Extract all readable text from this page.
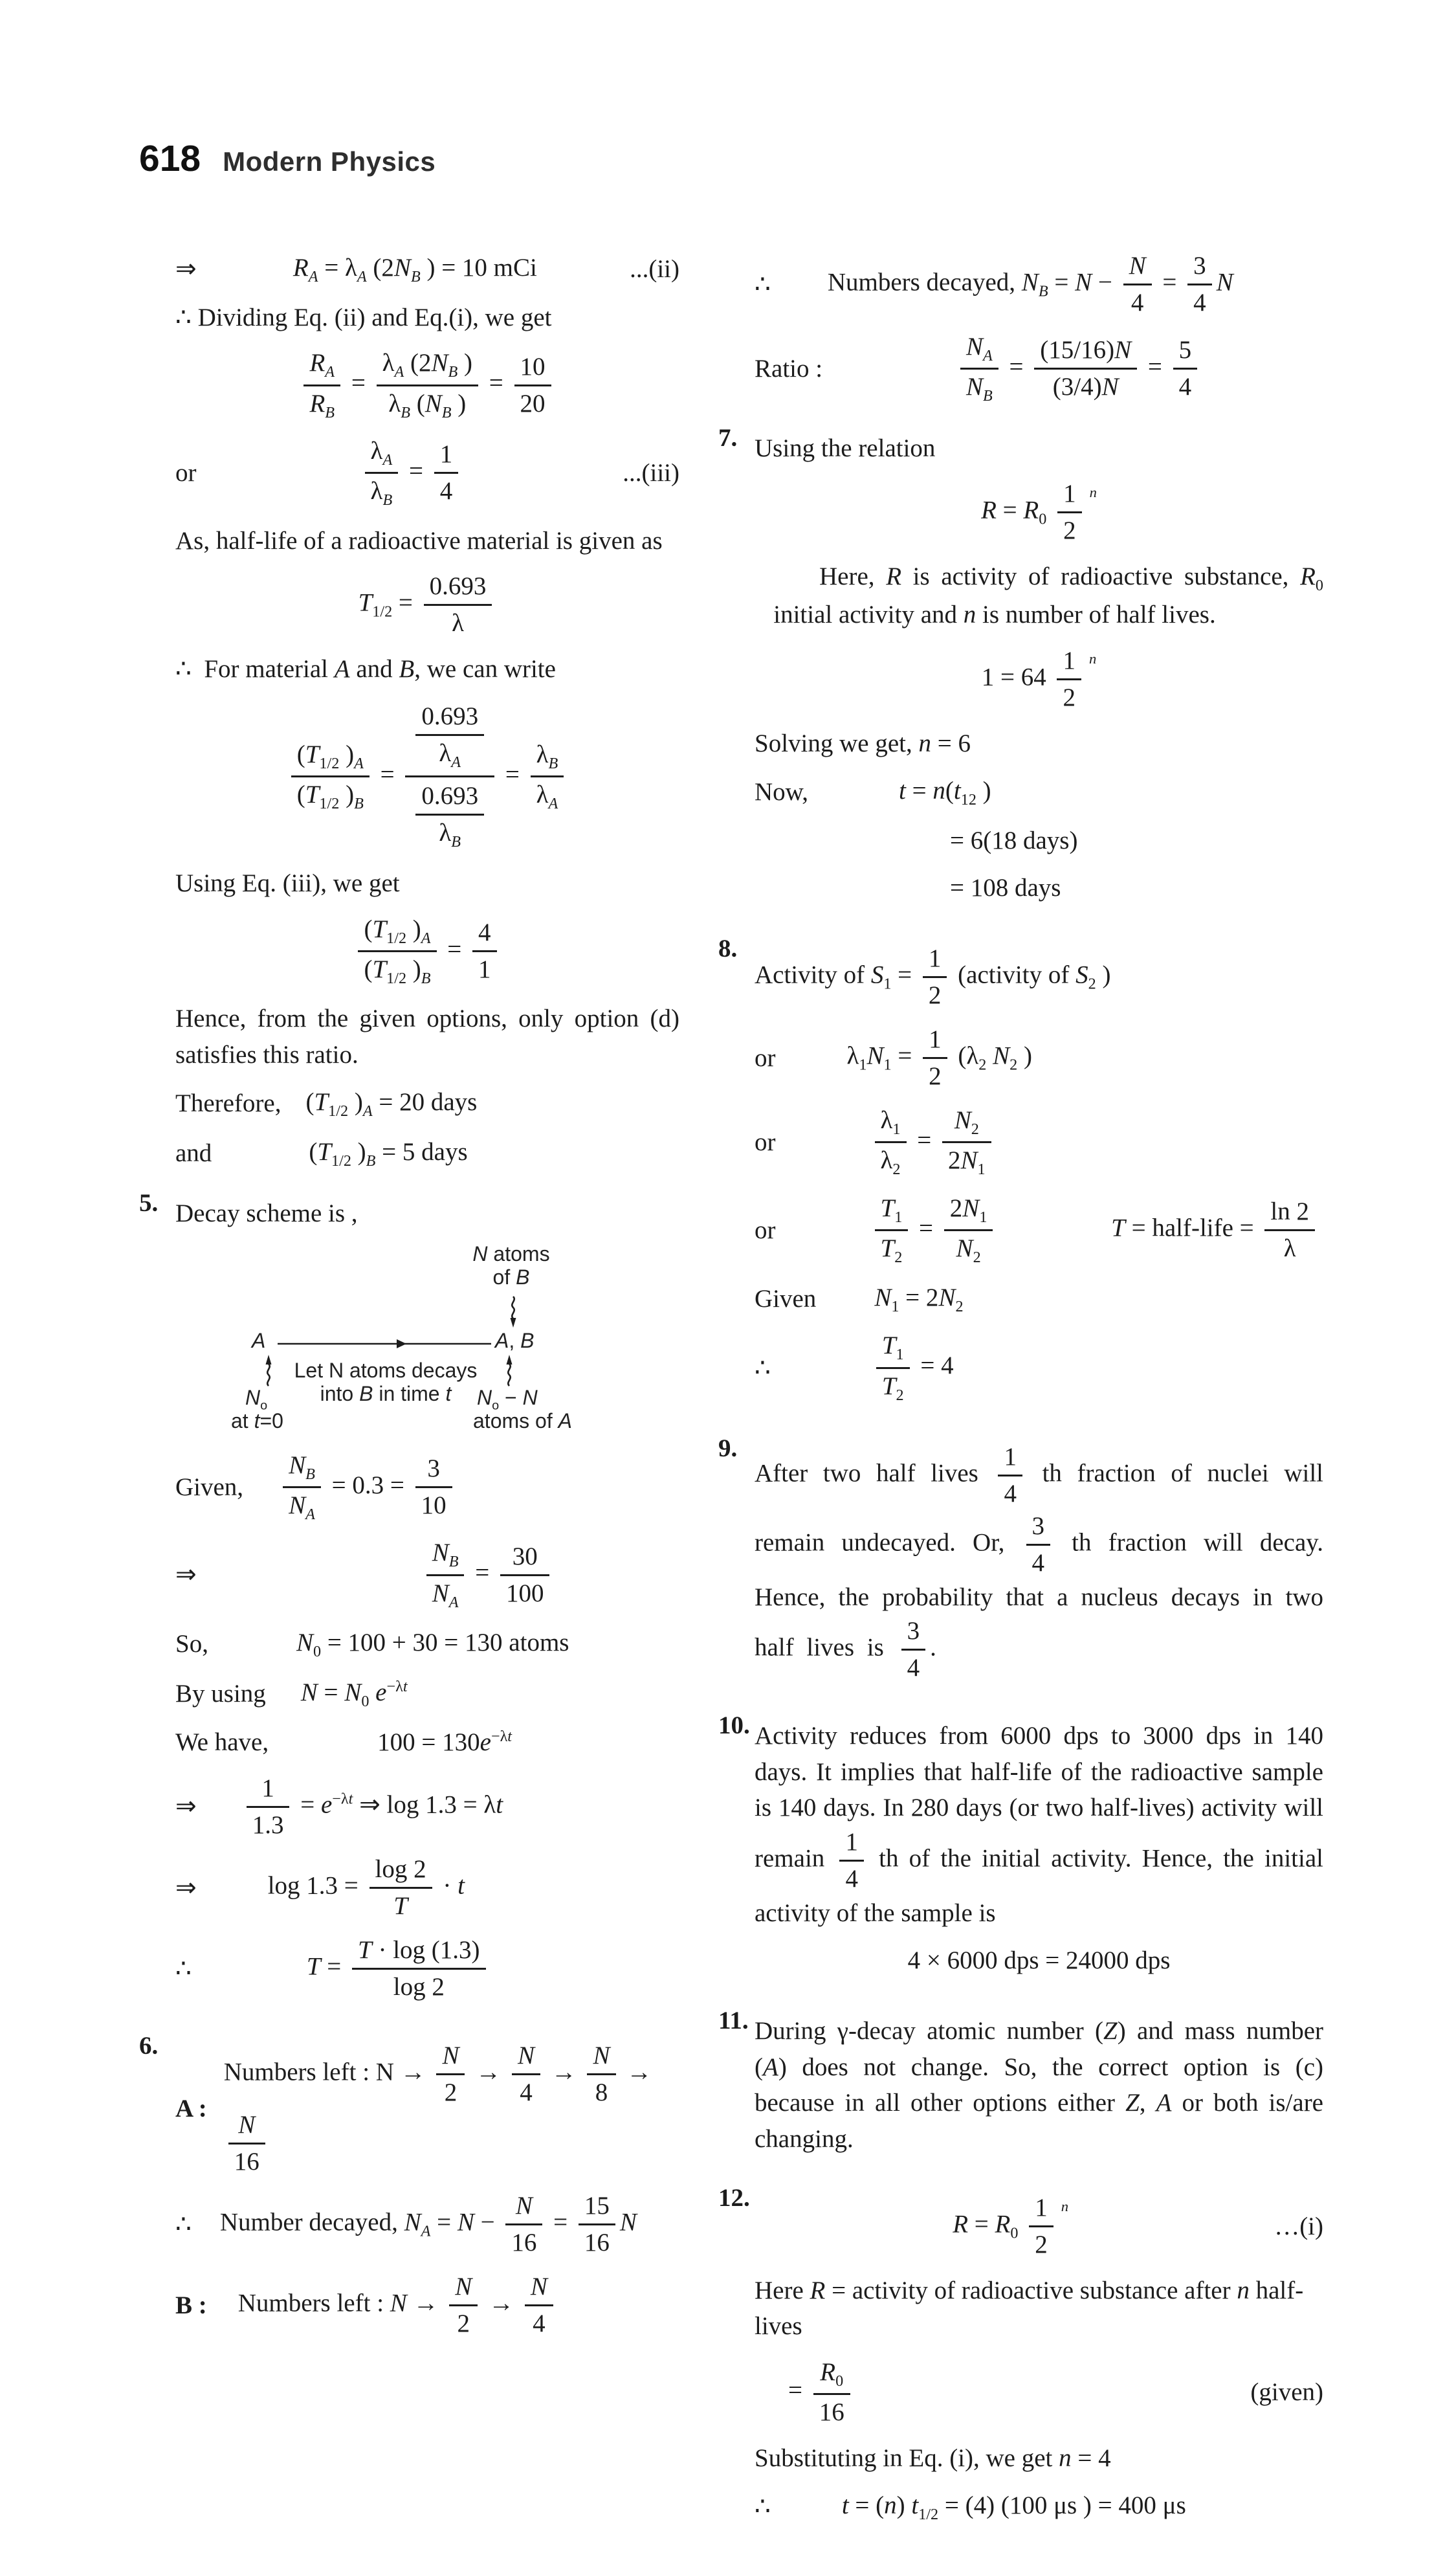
618 Modern Physics
⇒	$R_A = \lambda_A$ ($2N_B$ ) = 10 mCi	...(ii)
∴ Dividing Eq. (ii) and Eq.(i), we get
$\frac{R_A}{R_B} = \frac{\lambda_A (2N_B )}{\lambda_B (N_B )} = \frac{10}{20}$
or	$\frac{\lambda_A}{\lambda_B} = \frac{1}{4}$	...(iii)
As, half-life of a radioactive material is given as
$T_{1/2} = \frac{0.693}{\lambda}$
∴  For material A and B, we can write
$\frac{(T_{1/2} )_A}{(T_{1/2} )_B} = \frac{\frac{0.693}{\lambda_A}}{\frac{0.693}{\lambda_B}} = \frac{\lambda_B}{\lambda_A}$
Using Eq. (iii), we get
$\frac{(T_{1/2} )_A}{(T_{1/2} )_B} = \frac{4}{1}$
Hence, from the given options, only option (d) satisfies this ratio.
Therefore, ($T_{1/2}$ )$_A = 20$ days
and	($T_{1/2}$ )$_B = 5$ days
5. Decay scheme is ,
N atoms
of B
A	A, B
Let N atoms decays
into B in time t
$N_o$
at t=0
$N_o - N$
atoms of A
Given,	$\frac{N_B}{N_A} = 0.3 = \frac{3}{10}$
⇒	$\frac{N_B}{N_A} = \frac{30}{100}$
So,	$N_0 = 100 + 30 = 130$ atoms
By using	$N = N_0$ $e^{-\lambda t}$
We have,	$100 = 130e^{-\lambda t}$
⇒	$\frac{1}{1.3} = e^{-\lambda t}$ ⇒ log 1.3 = λt
⇒	$\log 1.3 = \frac{\log 2}{T} \cdot t$
∴	$T = \frac{T \cdot \log (1.3)}{\log 2}$
6.
A :
Numbers left : $N \to \frac{N}{2} \to \frac{N}{4} \to \frac{N}{8}$ →
$\frac{N}{16}$
∴	Number decayed, $N_A = N - \frac{N}{16} = \frac{15}{16}$ N
B :	Numbers left : $N \to \frac{N}{2} \to \frac{N}{4}$
∴	Numbers decayed, $N_B = N - \frac{N}{4} = \frac{3}{4}$ N
Ratio :	$\frac{N_A}{N_B} = \frac{(15/16)N}{(3/4)N} = \frac{5}{4}$
7. Using the relation
$R = R_0 \frac{1}{2} ^n$
Here, R is activity of radioactive substance, $R_0$    initial activity and n is number of half lives.
$1 = 64 \frac{1}{2} ^n$
Solving we get, n = 6
Now,	$t = n(t_{12}$ )
= 6(18 days)
= 108 days
8.
Activity of $S_1 = \frac{1}{2}$ (activity of $S_2$ )
or	$\lambda_1N_1 = \frac{1}{2} (\lambda_2$ $N_2$ )
or	$\frac{\lambda_1}{\lambda_2} = \frac{N_2}{2N_1}$
or	$\frac{T_1}{T_2} = \frac{2N_1}{N_2}$	T = half-life = $\frac{\ln 2}{\lambda}$
Given	$N_1 = 2N_2$
∴	$\frac{T_1}{T_2} = 4$
9.
After two half lives $\frac{1}{4}$ th fraction of nuclei will remain undecayed. Or, $\frac{3}{4}$ th fraction will decay. Hence, the probability that a nucleus decays in two half lives is $\frac{3}{4}$ .
10. Activity reduces from 6000 dps to 3000 dps in 140 days. It implies that half-life of the radioactive sample is 140 days. In 280 days (or two half-lives) activity will remain $\frac{1}{4}$ th of the initial activity. Hence, the initial activity of the sample is
4 × 6000 dps = 24000 dps
11. During γ-decay atomic number (Z) and mass number (A) does not change. So, the correct option is (c) because in all other options either Z, A or both is/are changing.
12.
$R = R_0 \frac{1}{2} ^n$
…(i)
Here R = activity of radioactive substance after n half-lives
= $\frac{R_0}{16}$	(given)
Substituting in Eq. (i), we get n = 4
∴	t = (n) $t_{1/2} = (4)$ (100 μs ) = 400 μs
